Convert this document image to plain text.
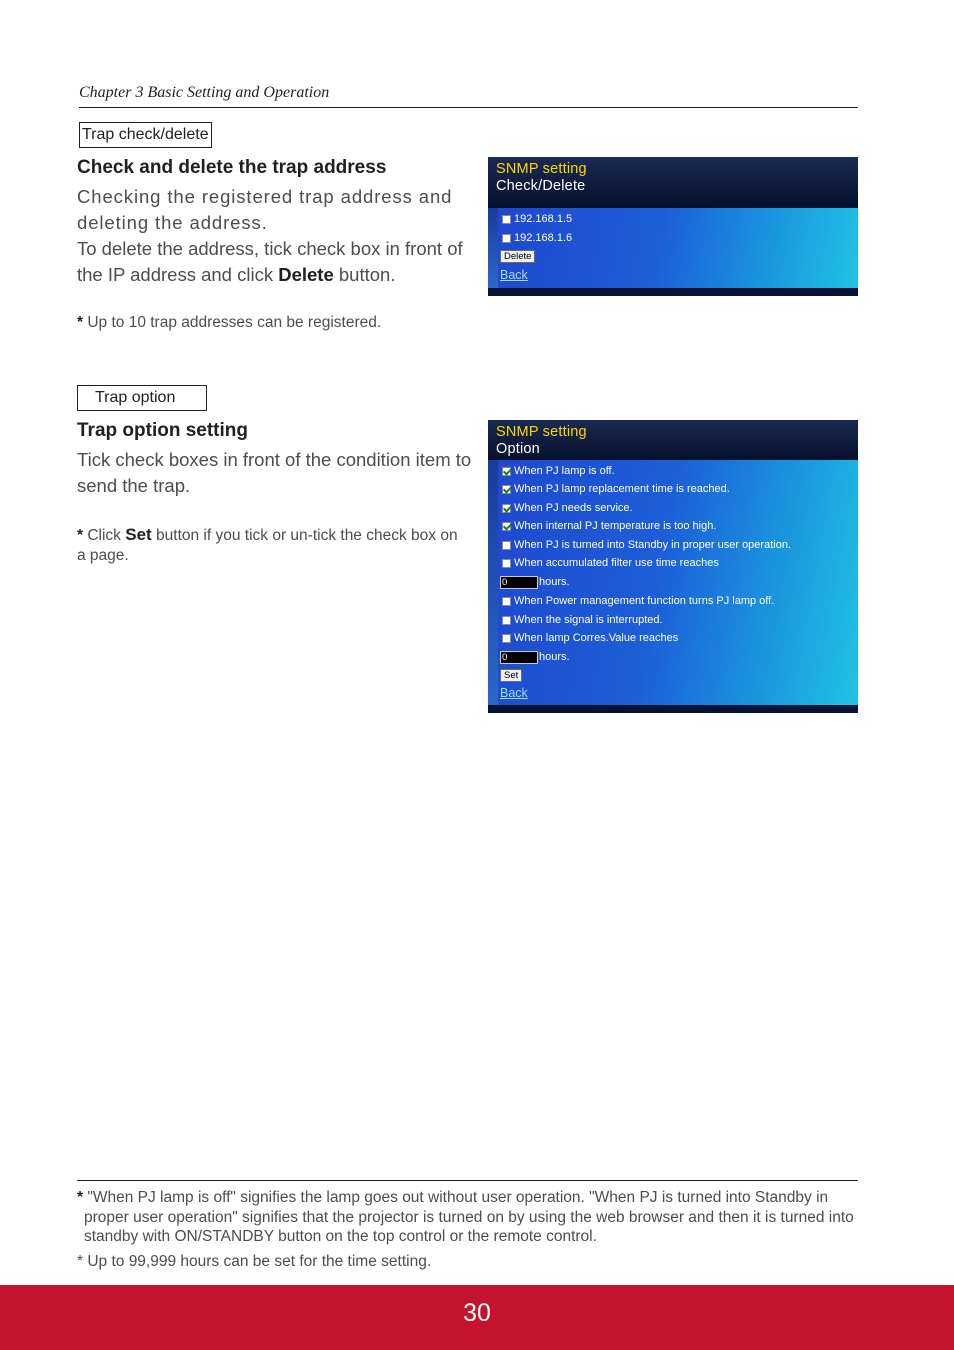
Chapter 3 Basic Setting and Operation
Trap check/delete
Check and delete the trap address
Checking the registered trap address and deleting the address.
To delete the address, tick check box in front of the IP address and click Delete button.
* Up to 10 trap addresses can be registered.
SNMP setting
Check/Delete
192.168.1.5
192.168.1.6
Delete
Back
Trap option
Trap option setting
Tick check boxes in front of the condition item to send the trap.
* Click Set button if you tick or un-tick the check box on a page.
SNMP setting
Option
When PJ lamp is off.
When PJ lamp replacement time is reached.
When PJ needs service.
When internal PJ temperature is too high.
When PJ is turned into Standby in proper user operation.
When accumulated filter use time reaches
0	hours.
When Power management function turns PJ lamp off.
When the signal is interrupted.
When lamp Corres.Value reaches
0	hours.
Set
Back
* "When PJ lamp is off" signifies the lamp goes out without user operation. "When PJ is turned into Standby in proper user operation" signifies that the projector is turned on by using the web browser and then it is turned into standby with ON/STANDBY button on the top control or the remote control.
* Up to 99,999 hours can be set for the time setting.
30
